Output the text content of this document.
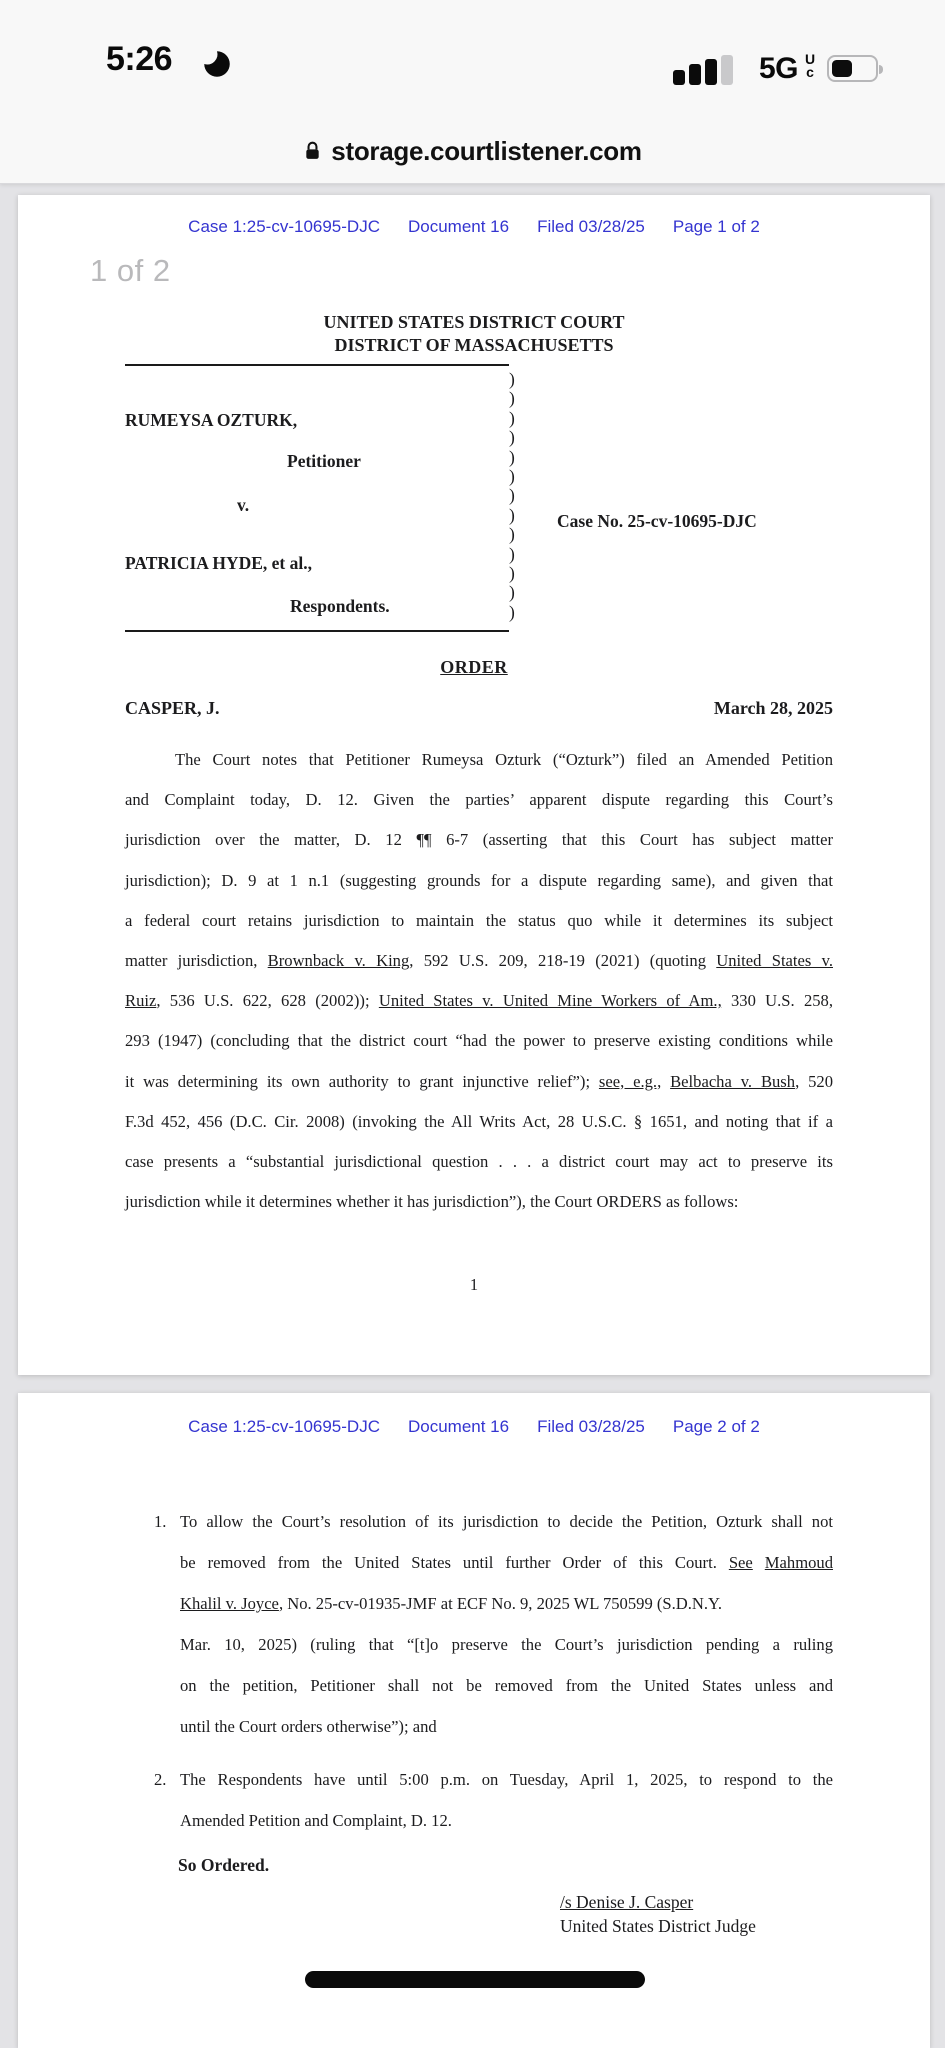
5:26	5G U
c
storage.courtlistener.com
Case 1:25-cv-10695-DJC Document 16 Filed 03/28/25 Page 1 of 2
1 of 2
UNITED STATES DISTRICT COURT
DISTRICT OF MASSACHUSETTS
)
)
)
)
)
)
)
)
)
)
)
)
)
RUMEYSA OZTURK,
Petitioner
v.
Case No. 25-cv-10695-DJC
PATRICIA HYDE, et al.,
Respondents.
ORDER
CASPER, J.	March 28, 2025
The Court notes that Petitioner Rumeysa Ozturk (“Ozturk”) filed an Amended Petition
and Complaint today, D. 12. Given the parties’ apparent dispute regarding this Court’s
jurisdiction over the matter, D. 12 ¶¶ 6-7 (asserting that this Court has subject matter
jurisdiction); D. 9 at 1 n.1 (suggesting grounds for a dispute regarding same), and given that
a federal court retains jurisdiction to maintain the status quo while it determines its subject
matter jurisdiction, Brownback v. King, 592 U.S. 209, 218-19 (2021) (quoting United States v.
Ruiz, 536 U.S. 622, 628 (2002)); United States v. United Mine Workers of Am., 330 U.S. 258,
293 (1947) (concluding that the district court “had the power to preserve existing conditions while
it was determining its own authority to grant injunctive relief”); see, e.g., Belbacha v. Bush, 520
F.3d 452, 456 (D.C. Cir. 2008) (invoking the All Writs Act, 28 U.S.C. § 1651, and noting that if a
case presents a “substantial jurisdictional question . . . a district court may act to preserve its
jurisdiction while it determines whether it has jurisdiction”), the Court ORDERS as follows:
1
Case 1:25-cv-10695-DJC Document 16 Filed 03/28/25 Page 2 of 2
1. To allow the Court’s resolution of its jurisdiction to decide the Petition, Ozturk shall not
be removed from the United States until further Order of this Court. See Mahmoud
Khalil v. Joyce, No. 25-cv-01935-JMF at ECF No. 9, 2025 WL 750599 (S.D.N.Y.
Mar. 10, 2025) (ruling that “[t]o preserve the Court’s jurisdiction pending a ruling
on the petition, Petitioner shall not be removed from the United States unless and
until the Court orders otherwise”); and
2. The Respondents have until 5:00 p.m. on Tuesday, April 1, 2025, to respond to the
Amended Petition and Complaint, D. 12.
So Ordered.
/s Denise J. Casper
United States District Judge
